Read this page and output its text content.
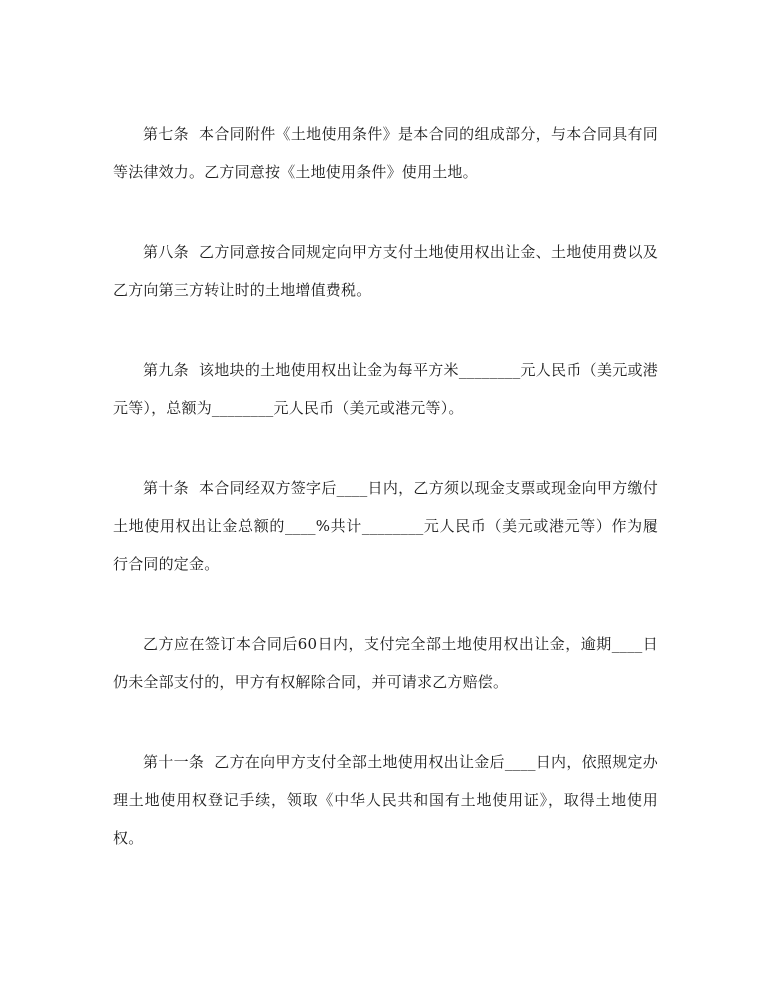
第七条  本合同附件《土地使用条件》是本合同的组成部分，与本合同具有同等法律效力。乙方同意按《土地使用条件》使用土地。

第八条  乙方同意按合同规定向甲方支付土地使用权出让金、土地使用费以及乙方向第三方转让时的土地增值费税。

第九条  该地块的土地使用权出让金为每平方米________元人民币（美元或港元等），总额为________元人民币（美元或港元等）。

第十条  本合同经双方签字后____日内，乙方须以现金支票或现金向甲方缴付土地使用权出让金总额的____%共计________元人民币（美元或港元等）作为履行合同的定金。

乙方应在签订本合同后60日内，支付完全部土地使用权出让金，逾期____日仍未全部支付的，甲方有权解除合同，并可请求乙方赔偿。

第十一条  乙方在向甲方支付全部土地使用权出让金后____日内，依照规定办理土地使用权登记手续，领取《中华人民共和国有土地使用证》，取得土地使用权。
